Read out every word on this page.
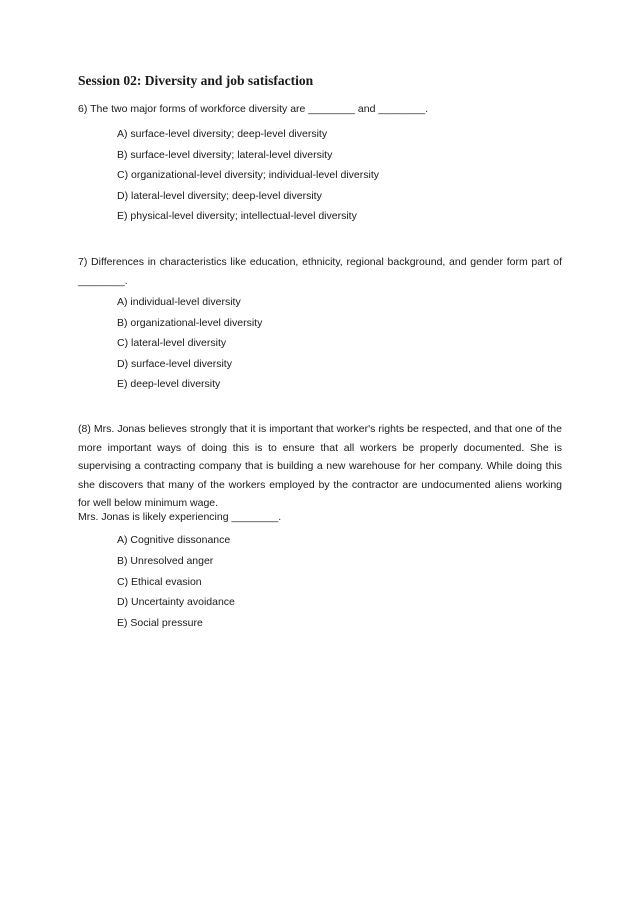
Session 02: Diversity and job satisfaction
6) The two major forms of workforce diversity are ________ and ________.
A) surface-level diversity; deep-level diversity
B) surface-level diversity; lateral-level diversity
C) organizational-level diversity; individual-level diversity
D) lateral-level diversity; deep-level diversity
E) physical-level diversity; intellectual-level diversity
7) Differences in characteristics like education, ethnicity, regional background, and gender form part of ________.
A) individual-level diversity
B) organizational-level diversity
C) lateral-level diversity
D) surface-level diversity
E) deep-level diversity
(8) Mrs. Jonas believes strongly that it is important that worker's rights be respected, and that one of the more important ways of doing this is to ensure that all workers be properly documented. She is supervising a contracting company that is building a new warehouse for her company. While doing this she discovers that many of the workers employed by the contractor are undocumented aliens working for well below minimum wage.
Mrs. Jonas is likely experiencing ________.
A) Cognitive dissonance
B) Unresolved anger
C) Ethical evasion
D) Uncertainty avoidance
E) Social pressure
